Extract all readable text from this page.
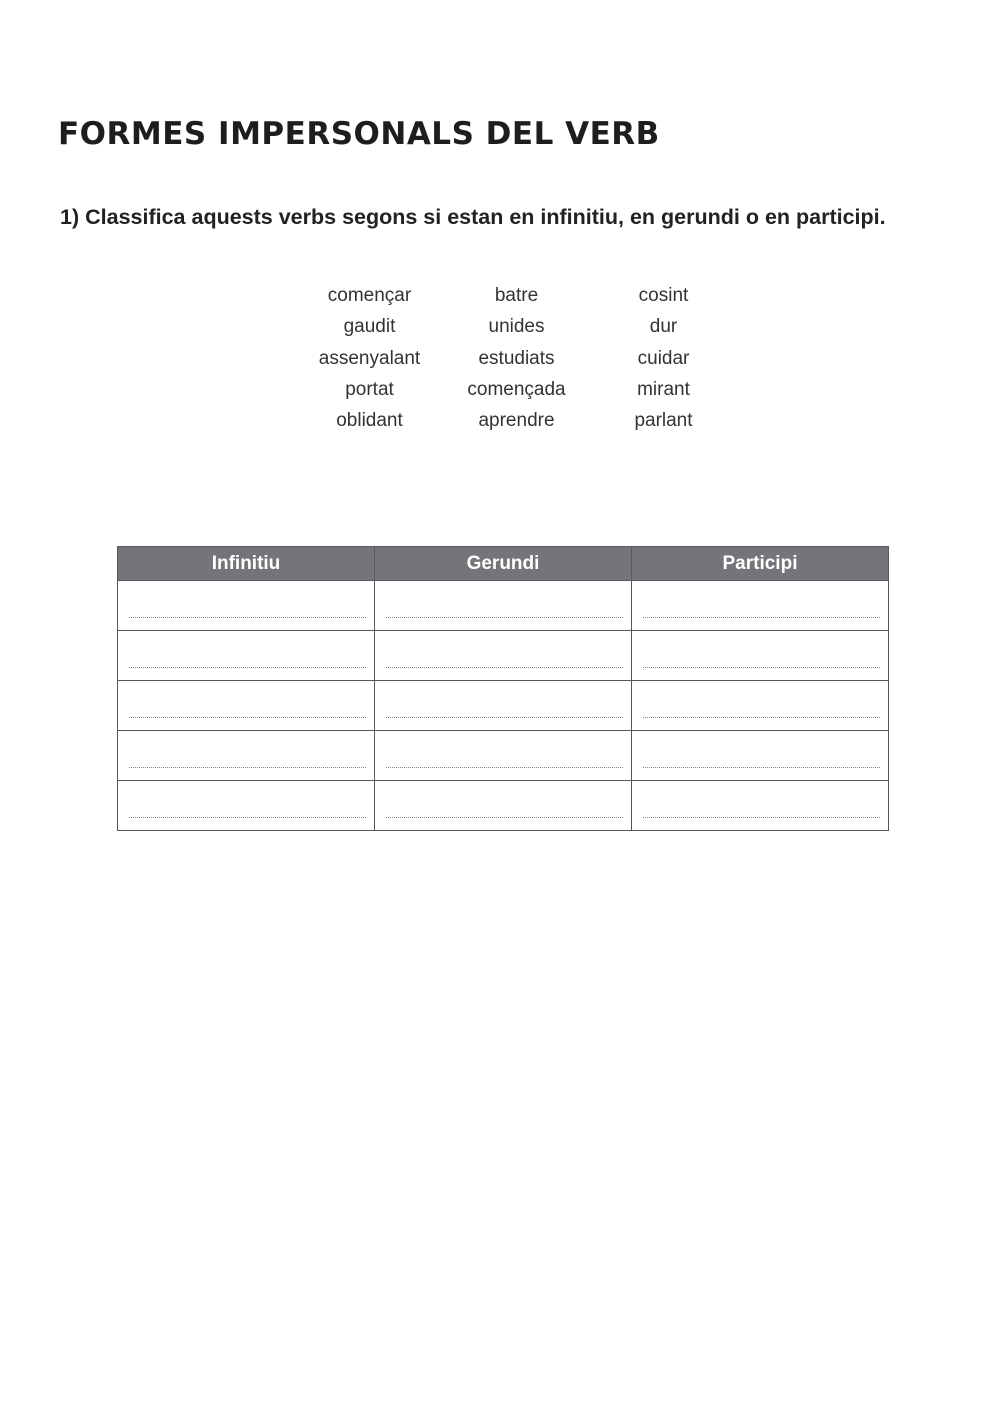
FORMES IMPERSONALS DEL VERB
1) Classifica aquests verbs segons si estan en infinitiu, en gerundi o en participi.
començar	batre	cosint
gaudit	unides	dur
assenyalant	estudiats	cuidar
portat	començada	mirant
oblidant	aprendre	parlant
Infinitiu	Gerundi	Participi
